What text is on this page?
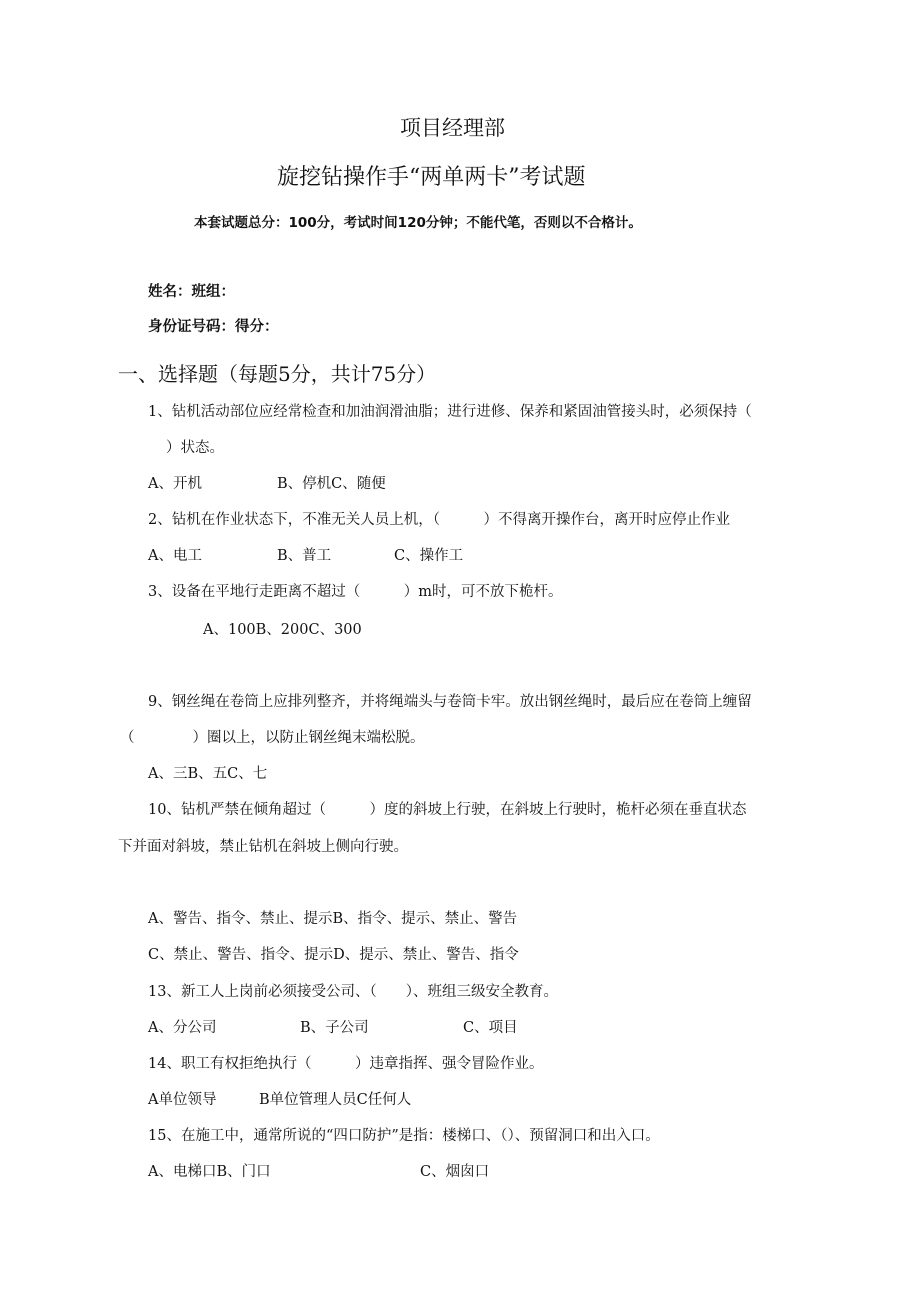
项目经理部
旋挖钻操作手“两单两卡”考试题
本套试题总分：100分，考试时间120分钟；不能代笔，否则以不合格计。
姓名：班组：
身份证号码：得分：
一、选择题（每题5分，共计75分）
1、钻机活动部位应经常检查和加油润滑油脂；进行进修、保养和紧固油管接头时，必须保持（
）状态。
A、开机	B、停机C、随便
2、钻机在作业状态下，不准无关人员上机，（　　　）不得离开操作台，离开时应停止作业
A、电工	B、普工	C、操作工
3、设备在平地行走距离不超过（　　　）m时，可不放下桅杆。
A、100B、200C、300
9、钢丝绳在卷筒上应排列整齐，并将绳端头与卷筒卡牢。放出钢丝绳时，最后应在卷筒上缠留
（　　　　）圈以上，以防止钢丝绳末端松脱。
A、三B、五C、七
10、钻机严禁在倾角超过（　　　）度的斜坡上行驶，在斜坡上行驶时，桅杆必须在垂直状态
下并面对斜坡，禁止钻机在斜坡上侧向行驶。
A、警告、指令、禁止、提示B、指令、提示、禁止、警告
C、禁止、警告、指令、提示D、提示、禁止、警告、指令
13、新工人上岗前必须接受公司、（　　）、班组三级安全教育。
A、分公司	B、子公司	C、项目
14、职工有权拒绝执行（　　　）违章指挥、强令冒险作业。
A单位领导	B单位管理人员C任何人
15、在施工中，通常所说的“四口防护”是指：楼梯口、（）、预留洞口和出入口。
A、电梯口B、门口	C、烟囱口
